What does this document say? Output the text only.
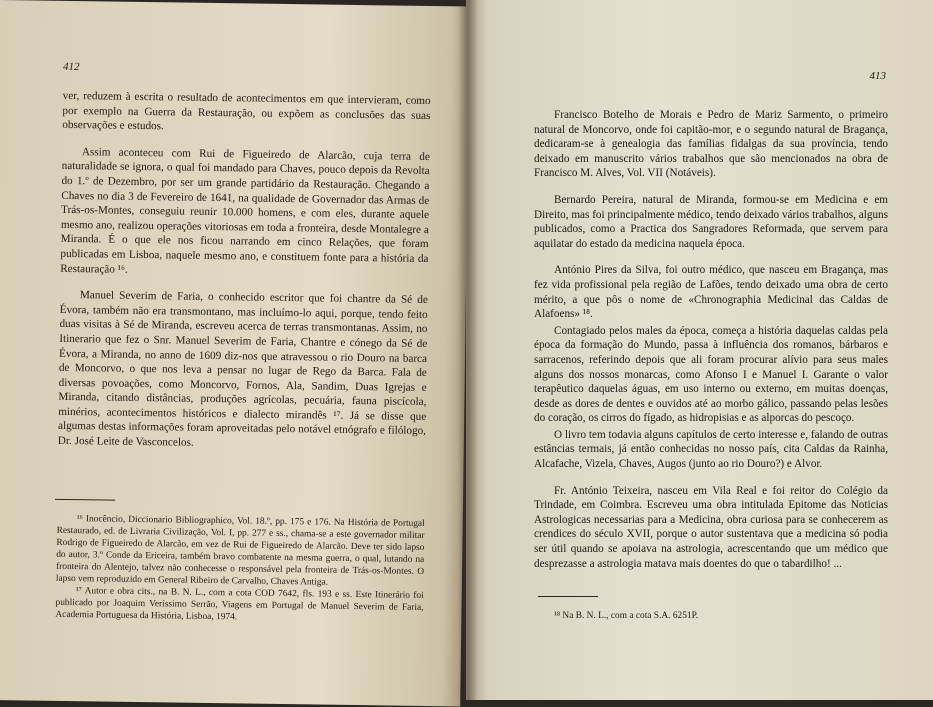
412

ver, reduzem à escrita o resultado de acontecimentos em que intervieram, como por exemplo na Guerra da Restauração, ou expõem as conclusões das suas observações e estudos.

Assim aconteceu com Rui de Figueiredo de Alarcão, cuja terra de naturalidade se ignora, o qual foi mandado para Chaves, pouco depois da Revolta do 1.º de Dezembro, por ser um grande partidário da Restauração. Chegando a Chaves no dia 3 de Fevereiro de 1641, na qualidade de Governador das Armas de Trás-os-Montes, conseguiu reunir 10.000 homens, e com eles, durante aquele mesmo ano, realizou operações vitoriosas em toda a fronteira, desde Montalegre a Miranda. É o que ele nos ficou narrando em cinco Relações, que foram publicadas em Lisboa, naquele mesmo ano, e constituem fonte para a história da Restauração ¹⁶.

Manuel Severim de Faria, o conhecido escritor que foi chantre da Sé de Évora, também não era transmontano, mas incluímo-lo aqui, porque, tendo feito duas visitas à Sé de Miranda, escreveu acerca de terras transmontanas. Assim, no Itinerario que fez o Snr. Manuel Severim de Faria, Chantre e cónego da Sé de Évora, a Miranda, no anno de 1609 diz-nos que atravessou o rio Douro na barca de Moncorvo, o que nos leva a pensar no lugar de Rego da Barca. Fala de diversas povoações, como Moncorvo, Fornos, Ala, Sandim, Duas Igrejas e Miranda, citando distâncias, produções agrícolas, pecuária, fauna piscícola, minérios, acontecimentos históricos e dialecto mirandês ¹⁷. Já se disse que algumas destas informações foram aproveitadas pelo notável etnógrafo e filólogo, Dr. José Leite de Vasconcelos.

¹⁶ Inocêncio, Diccionario Bibliographico, Vol. 18.º, pp. 175 e 176. Na História de Portugal Restaurado, ed. de Livraria Civilização, Vol. I, pp. 277 e ss., chama-se a este governador militar Rodrigo de Figueiredo de Alarcão, em vez de Rui de Figueiredo de Alarcão. Deve ter sido lapso do autor, 3.º Conde da Ericeira, também bravo combatente na mesma guerra, o qual, lutando na fronteira do Alentejo, talvez não conhecesse o responsável pela fronteira de Trás-os-Montes. O lapso vem reproduzido em General Ribeiro de Carvalho, Chaves Antiga.

¹⁷ Autor e obra cits., na B. N. L., com a cota COD 7642, fls. 193 e ss. Este Itinerário foi publicado por Joaquim Veríssimo Serrão, Viagens em Portugal de Manuel Severim de Faria, Academia Portuguesa da História, Lisboa, 1974.

413

Francisco Botelho de Morais e Pedro de Mariz Sarmento, o primeiro natural de Moncorvo, onde foi capitão-mor, e o segundo natural de Bragança, dedicaram-se à genealogia das famílias fidalgas da sua província, tendo deixado em manuscrito vários trabalhos que são mencionados na obra de Francisco M. Alves, Vol. VII (Notáveis).

Bernardo Pereira, natural de Miranda, formou-se em Medicina e em Direito, mas foi principalmente médico, tendo deixado vários trabalhos, alguns publicados, como a Practica dos Sangradores Reformada, que servem para aquilatar do estado da medicina naquela época.

António Pires da Silva, foi outro médico, que nasceu em Bragança, mas fez vida profissional pela região de Lafões, tendo deixado uma obra de certo mérito, a que pôs o nome de «Chronographia Medicinal das Caldas de Alafoens» ¹⁸.

Contagiado pelos males da época, começa a história daquelas caldas pela época da formação do Mundo, passa à influência dos romanos, bárbaros e sarracenos, referindo depois que ali foram procurar alívio para seus males alguns dos nossos monarcas, como Afonso I e Manuel I. Garante o valor terapêutico daquelas águas, em uso interno ou externo, em muitas doenças, desde as dores de dentes e ouvidos até ao morbo gálico, passando pelas lesões do coração, os cirros do fígado, as hidropisias e as alporcas do pescoço.

O livro tem todavia alguns capítulos de certo interesse e, falando de outras estâncias termais, já então conhecidas no nosso país, cita Caldas da Rainha, Alcafache, Vizela, Chaves, Augos (junto ao rio Douro?) e Alvor.

Fr. António Teixeira, nasceu em Vila Real e foi reitor do Colégio da Trindade, em Coimbra. Escreveu uma obra intitulada Epitome das Noticias Astrologicas necessarias para a Medicina, obra curiosa para se conhecerem as crendices do século XVII, porque o autor sustentava que a medicina só podia ser útil quando se apoiava na astrologia, acrescentando que um médico que desprezasse a astrologia matava mais doentes do que o tabardilho! ...

¹⁸ Na B. N. L., com a cota S.A. 6251P.
